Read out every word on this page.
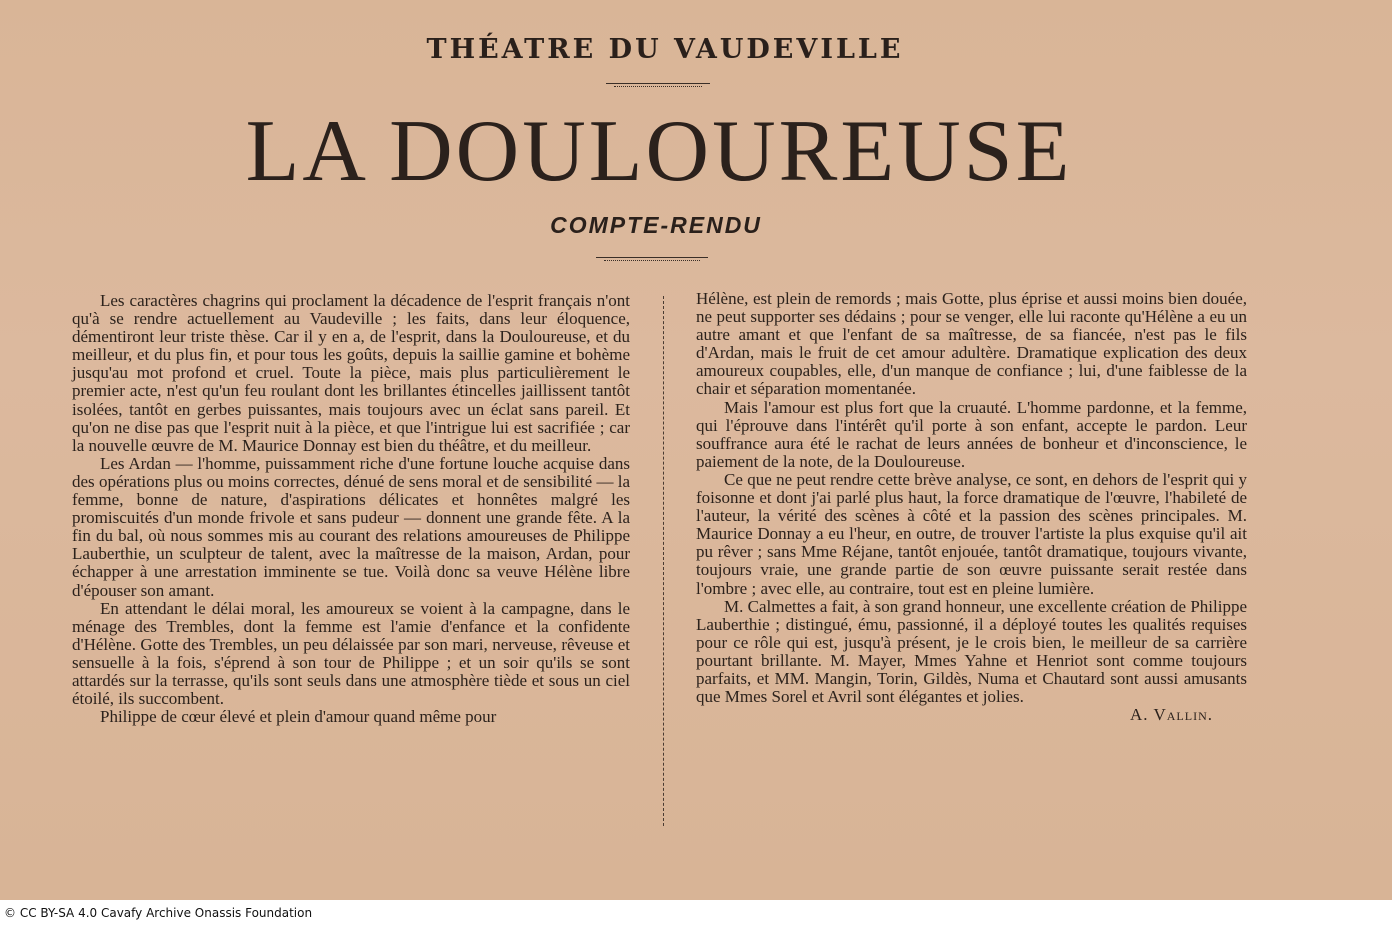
THÉATRE DU VAUDEVILLE
LA DOULOUREUSE
COMPTE-RENDU

Les caractères chagrins qui proclament la décadence de l'esprit français n'ont qu'à se rendre actuellement au Vaudeville ; les faits, dans leur éloquence, démentiront leur triste thèse. Car il y en a, de l'esprit, dans la Douloureuse, et du meilleur, et du plus fin, et pour tous les goûts, depuis la saillie gamine et bohème jusqu'au mot profond et cruel. Toute la pièce, mais plus particulièrement le premier acte, n'est qu'un feu roulant dont les brillantes étincelles jaillissent tantôt isolées, tantôt en gerbes puissantes, mais toujours avec un éclat sans pareil. Et qu'on ne dise pas que l'esprit nuit à la pièce, et que l'intrigue lui est sacrifiée ; car la nouvelle œuvre de M. Maurice Donnay est bien du théâtre, et du meilleur.

Les Ardan — l'homme, puissamment riche d'une fortune louche acquise dans des opérations plus ou moins correctes, dénué de sens moral et de sensibilité — la femme, bonne de nature, d'aspirations délicates et honnêtes malgré les promiscuités d'un monde frivole et sans pudeur — donnent une grande fête. A la fin du bal, où nous sommes mis au courant des relations amoureuses de Philippe Lauberthie, un sculpteur de talent, avec la maîtresse de la maison, Ardan, pour échapper à une arrestation imminente se tue. Voilà donc sa veuve Hélène libre d'épouser son amant.

En attendant le délai moral, les amoureux se voient à la campagne, dans le ménage des Trembles, dont la femme est l'amie d'enfance et la confidente d'Hélène. Gotte des Trembles, un peu délaissée par son mari, nerveuse, rêveuse et sensuelle à la fois, s'éprend à son tour de Philippe ; et un soir qu'ils se sont attardés sur la terrasse, qu'ils sont seuls dans une atmosphère tiède et sous un ciel étoilé, ils succombent.

Philippe de cœur élevé et plein d'amour quand même pour

Hélène, est plein de remords ; mais Gotte, plus éprise et aussi moins bien douée, ne peut supporter ses dédains ; pour se venger, elle lui raconte qu'Hélène a eu un autre amant et que l'enfant de sa maîtresse, de sa fiancée, n'est pas le fils d'Ardan, mais le fruit de cet amour adultère. Dramatique explication des deux amoureux coupables, elle, d'un manque de confiance ; lui, d'une faiblesse de la chair et séparation momentanée.

Mais l'amour est plus fort que la cruauté. L'homme pardonne, et la femme, qui l'éprouve dans l'intérêt qu'il porte à son enfant, accepte le pardon. Leur souffrance aura été le rachat de leurs années de bonheur et d'inconscience, le paiement de la note, de la Douloureuse.

Ce que ne peut rendre cette brève analyse, ce sont, en dehors de l'esprit qui y foisonne et dont j'ai parlé plus haut, la force dramatique de l'œuvre, l'habileté de l'auteur, la vérité des scènes à côté et la passion des scènes principales. M. Maurice Donnay a eu l'heur, en outre, de trouver l'artiste la plus exquise qu'il ait pu rêver ; sans Mme Réjane, tantôt enjouée, tantôt dramatique, toujours vivante, toujours vraie, une grande partie de son œuvre puissante serait restée dans l'ombre ; avec elle, au contraire, tout est en pleine lumière.

M. Calmettes a fait, à son grand honneur, une excellente création de Philippe Lauberthie ; distingué, ému, passionné, il a déployé toutes les qualités requises pour ce rôle qui est, jusqu'à présent, je le crois bien, le meilleur de sa carrière pourtant brillante. M. Mayer, Mmes Yahne et Henriot sont comme toujours parfaits, et MM. Mangin, Torin, Gildès, Numa et Chautard sont aussi amusants que Mmes Sorel et Avril sont élégantes et jolies.

A. Vallin.
© CC BY-SA 4.0 Cavafy Archive Onassis Foundation
